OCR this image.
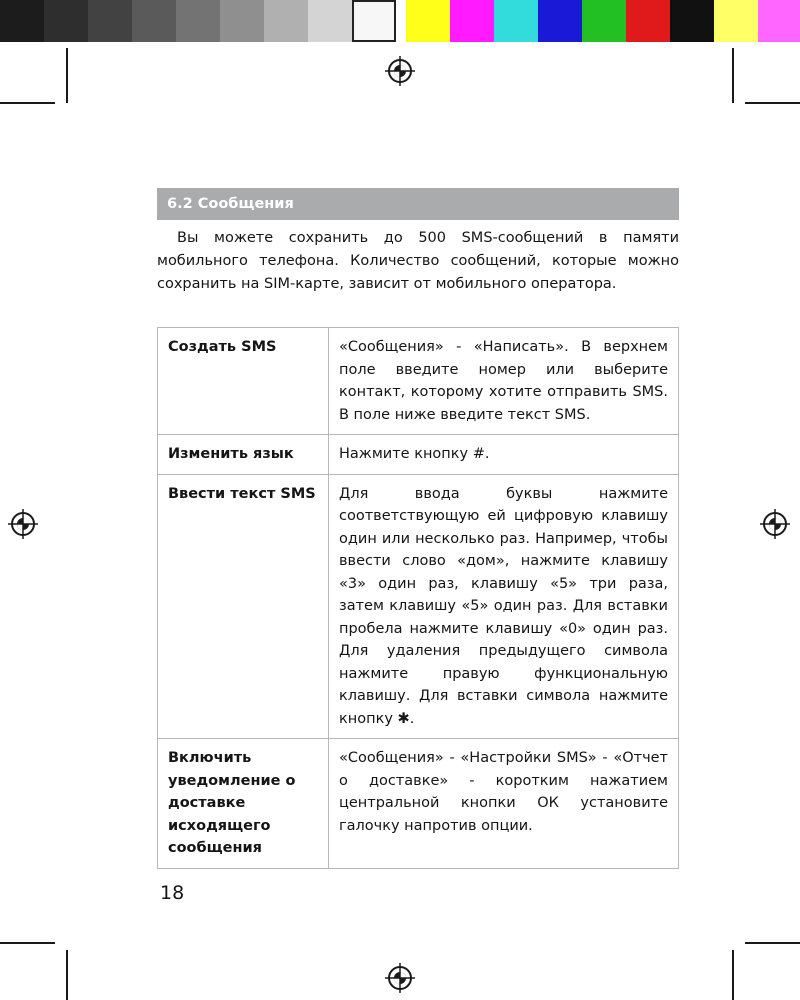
6.2 Сообщения

Вы можете сохранить до 500 SMS-сообщений в памяти мобильного телефона. Количество сообщений, которые можно сохранить на SIM-карте, зависит от мобильного оператора.

Создать SMS	«Сообщения» - «Написать». В верхнем поле введите номер или выберите контакт, которому хотите отправить SMS. В поле ниже введите текст SMS.
Изменить язык	Нажмите кнопку #.
Ввести текст SMS	Для ввода буквы нажмите соответствующую ей цифровую клавишу один или несколько раз. Например, чтобы ввести слово «дом», нажмите клавишу «3» один раз, клавишу «5» три раза, затем клавишу «5» один раз. Для вставки пробела нажмите клавишу «0» один раз. Для удаления предыдущего символа нажмите правую функциональную клавишу. Для вставки символа нажмите кнопку ✱.
Включить уведомление о доставке исходящего сообщения	«Сообщения» - «Настройки SMS» - «Отчет о доставке» - коротким нажатием центральной кнопки ОК установите галочку напротив опции.
18
